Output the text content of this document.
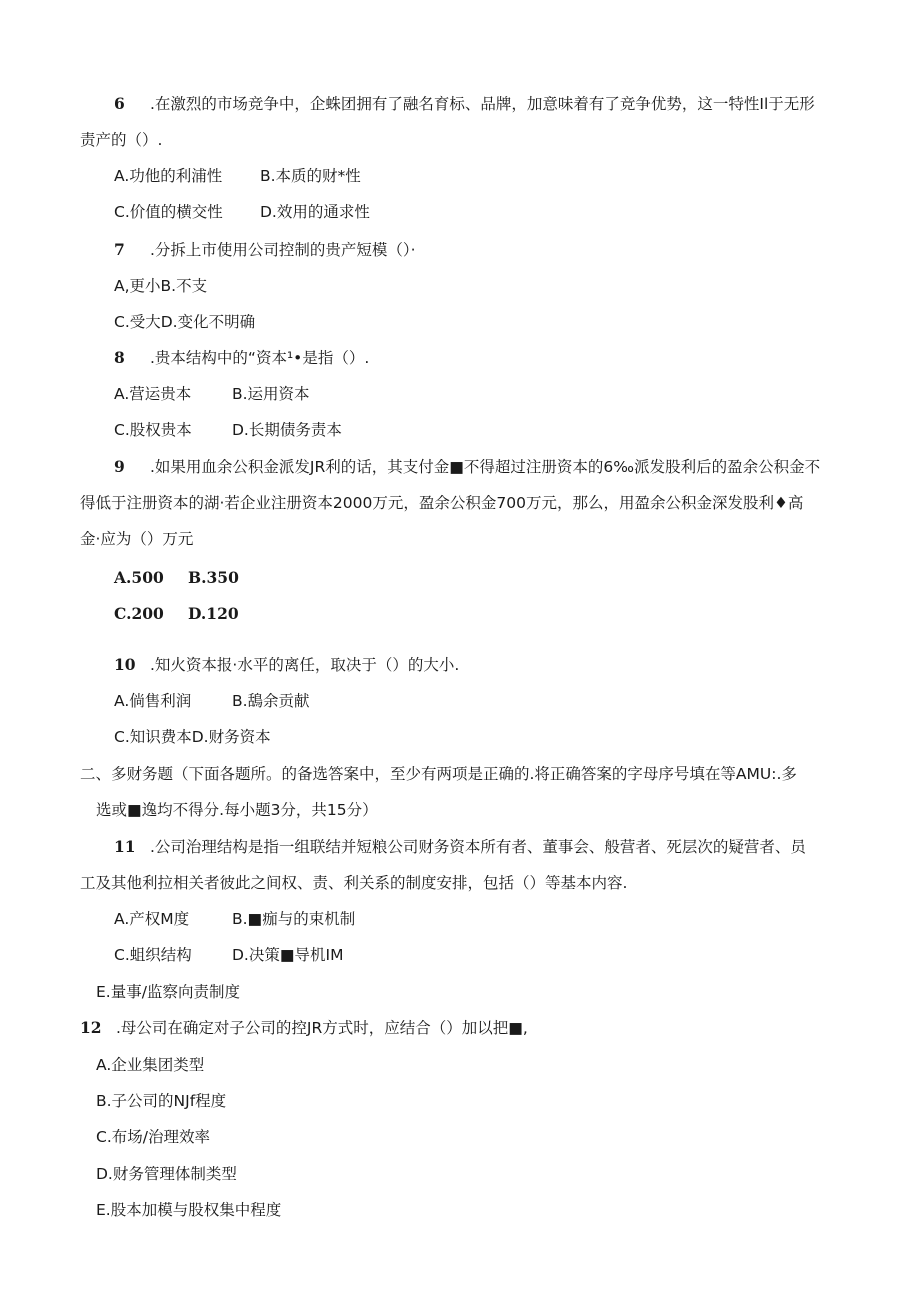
6 .在激烈的市场竞争中，企蛛团拥有了融名育标、品牌，加意味着有了竞争优势，这一特性Il于无形
责产的（）.
A.功他的利浦性 B.本质的财*性
C.价值的横交性 D.效用的通求性
7 .分拆上市使用公司控制的贵产短模（）·
A,更小B.不支
C.受大D.变化不明确
8 .贵本结构中的“资本¹•是指（）.
A.营运贵本	B.运用资本
C.股权贵本	D.长期债务责本
9 .如果用血余公积金派发JR利的话，其支付金■不得超过注册资本的6‰派发股利后的盈余公积金不
得低于注册资本的湖·若企业注册资本2000万元，盈余公积金700万元，那么，用盈余公积金深发股利♦高
金·应为（）万元
A.500 B.350
C.200 D.120
10 .知火资本报·水平的离任，取决于（）的大小.
A.倘售利润	B.鴰余贡献
C.知识费本D.财务资本
二、多财务题（下面各题所。的备选答案中，至少有两项是正确的.将正确答案的字母序号填在等AMU:.多
选或■逸均不得分.每小题3分，共15分）
11 .公司治理结构是指一组联结并短粮公司财务资本所有者、董事会、般营者、死层次的疑营者、员
工及其他利拉相关者彼此之间权、责、利关系的制度安排，包括（）等基本内容.
A.产权M度	B.■痂与的束机制
C.蛆织结构	D.决策■导机IM
E.量事/监察向责制度
12 .母公司在确定对子公司的控JR方式时，应结合（）加以把■,
A.企业集团类型
B.子公司的NJf程度
C.布场/治理效率
D.财务管理体制类型
E.股本加模与股权集中程度
